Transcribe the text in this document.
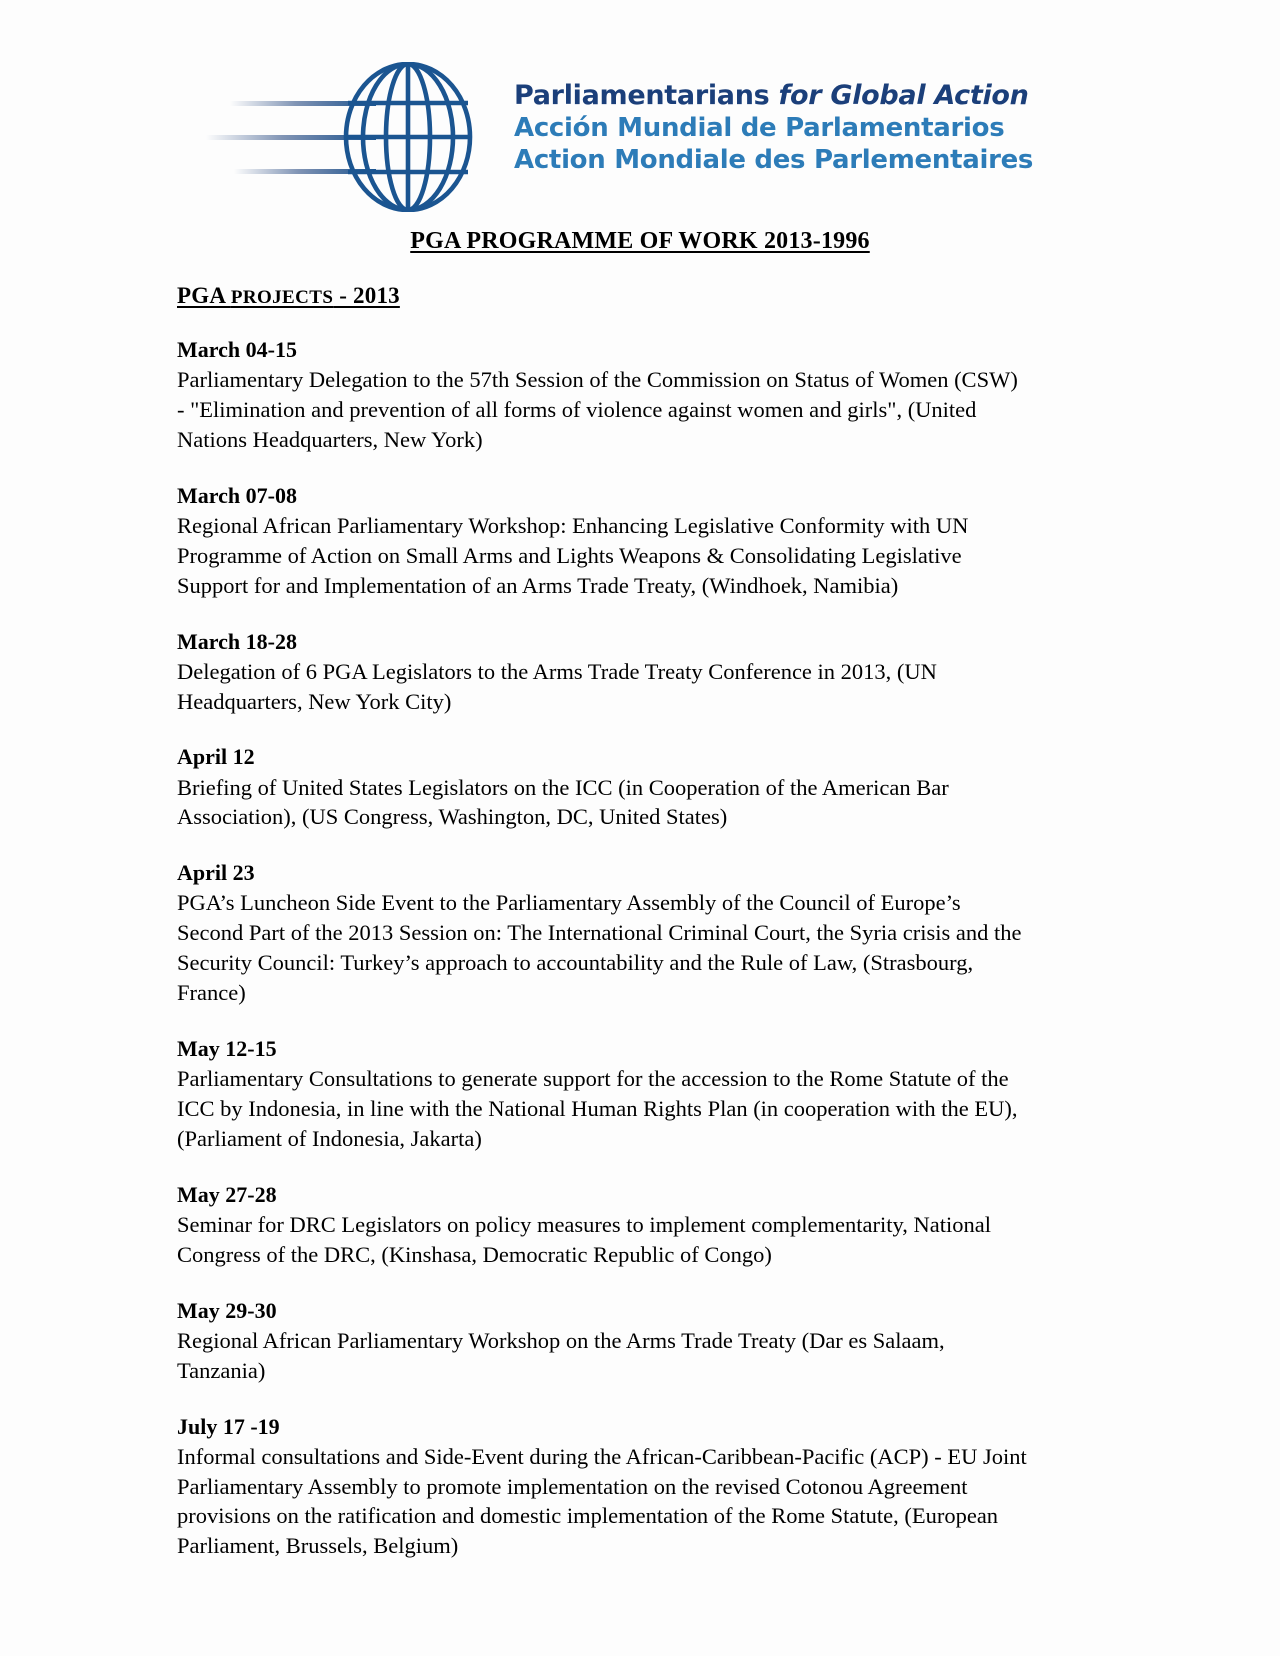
Parliamentarians for Global Action
Acción Mundial de Parlamentarios
Action Mondiale des Parlementaires
PGA PROGRAMME OF WORK 2013-1996
PGA PROJECTS - 2013
March 04-15
Parliamentary Delegation to the 57th Session of the Commission on Status of Women (CSW) - "Elimination and prevention of all forms of violence against women and girls", (United Nations Headquarters, New York)
March 07-08
Regional African Parliamentary Workshop: Enhancing Legislative Conformity with UN Programme of Action on Small Arms and Lights Weapons & Consolidating Legislative Support for and Implementation of an Arms Trade Treaty, (Windhoek, Namibia)
March 18-28
Delegation of 6 PGA Legislators to the Arms Trade Treaty Conference in 2013, (UN Headquarters, New York City)
April 12
Briefing of United States Legislators on the ICC (in Cooperation of the American Bar Association), (US Congress, Washington, DC, United States)
April 23
PGA’s Luncheon Side Event to the Parliamentary Assembly of the Council of Europe’s Second Part of the 2013 Session on: The International Criminal Court, the Syria crisis and the Security Council: Turkey’s approach to accountability and the Rule of Law, (Strasbourg, France)
May 12-15
Parliamentary Consultations to generate support for the accession to the Rome Statute of the ICC by Indonesia, in line with the National Human Rights Plan (in cooperation with the EU), (Parliament of Indonesia, Jakarta)
May 27-28
Seminar for DRC Legislators on policy measures to implement complementarity, National Congress of the DRC, (Kinshasa, Democratic Republic of Congo)
May 29-30
Regional African Parliamentary Workshop on the Arms Trade Treaty (Dar es Salaam, Tanzania)
July 17 -19
Informal consultations and Side-Event during the African-Caribbean-Pacific (ACP) - EU Joint Parliamentary Assembly to promote implementation on the revised Cotonou Agreement provisions on the ratification and domestic implementation of the Rome Statute, (European Parliament, Brussels, Belgium)
